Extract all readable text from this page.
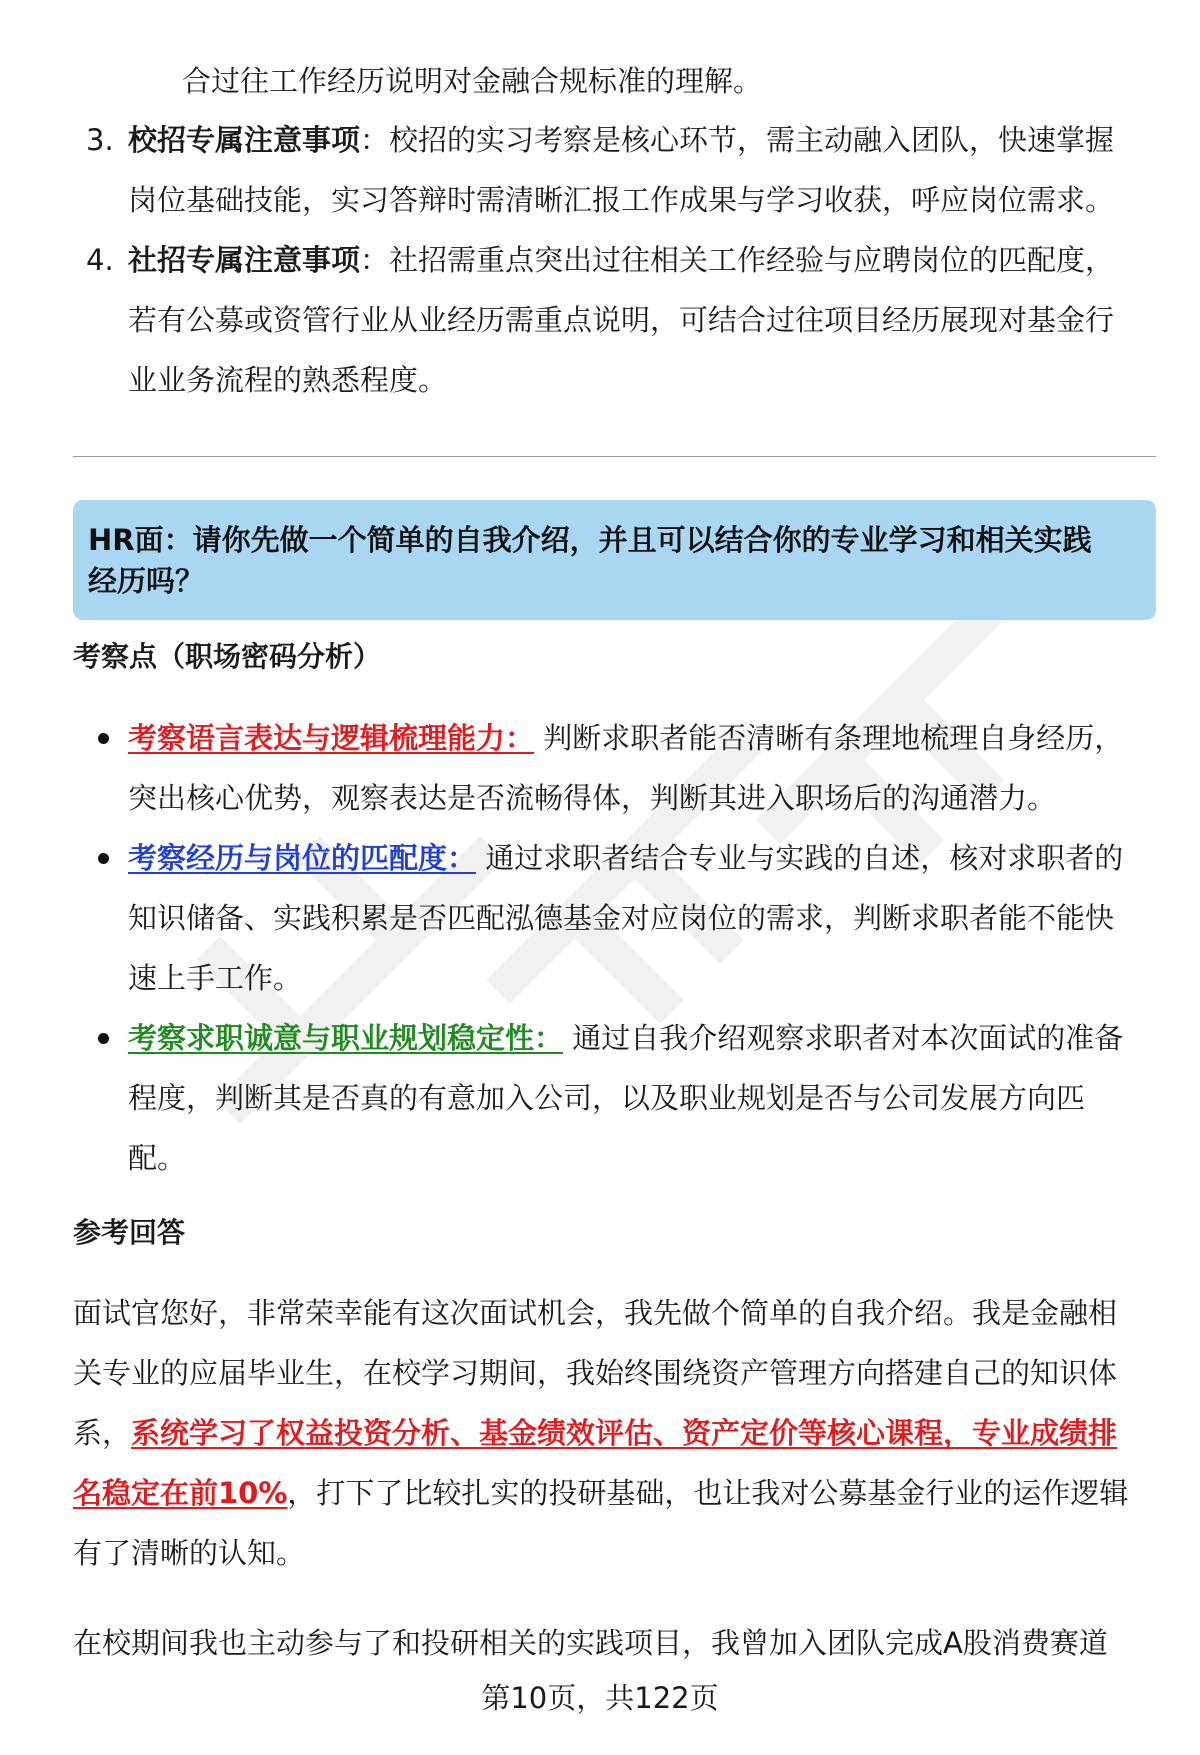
合过往工作经历说明对金融合规标准的理解。
3. 校招专属注意事项：校招的实习考察是核心环节，需主动融入团队，快速掌握
岗位基础技能，实习答辩时需清晰汇报工作成果与学习收获，呼应岗位需求。
4. 社招专属注意事项：社招需重点突出过往相关工作经验与应聘岗位的匹配度，
若有公募或资管行业从业经历需重点说明，可结合过往项目经历展现对基金行
业业务流程的熟悉程度。
HR面：请你先做一个简单的自我介绍，并且可以结合你的专业学习和相关实践
经历吗？
考察点（职场密码分析）
考察语言表达与逻辑梳理能力： 判断求职者能否清晰有条理地梳理自身经历，
突出核心优势，观察表达是否流畅得体，判断其进入职场后的沟通潜力。
考察经历与岗位的匹配度： 通过求职者结合专业与实践的自述，核对求职者的
知识储备、实践积累是否匹配泓德基金对应岗位的需求，判断求职者能不能快
速上手工作。
考察求职诚意与职业规划稳定性： 通过自我介绍观察求职者对本次面试的准备
程度，判断其是否真的有意加入公司，以及职业规划是否与公司发展方向匹
配。
参考回答
面试官您好，非常荣幸能有这次面试机会，我先做个简单的自我介绍。我是金融相
关专业的应届毕业生，在校学习期间，我始终围绕资产管理方向搭建自己的知识体
系，系统学习了权益投资分析、基金绩效评估、资产定价等核心课程，专业成绩排
名稳定在前10%，打下了比较扎实的投研基础，也让我对公募基金行业的运作逻辑
有了清晰的认知。
在校期间我也主动参与了和投研相关的实践项目，我曾加入团队完成A股消费赛道
第10页，共122页
